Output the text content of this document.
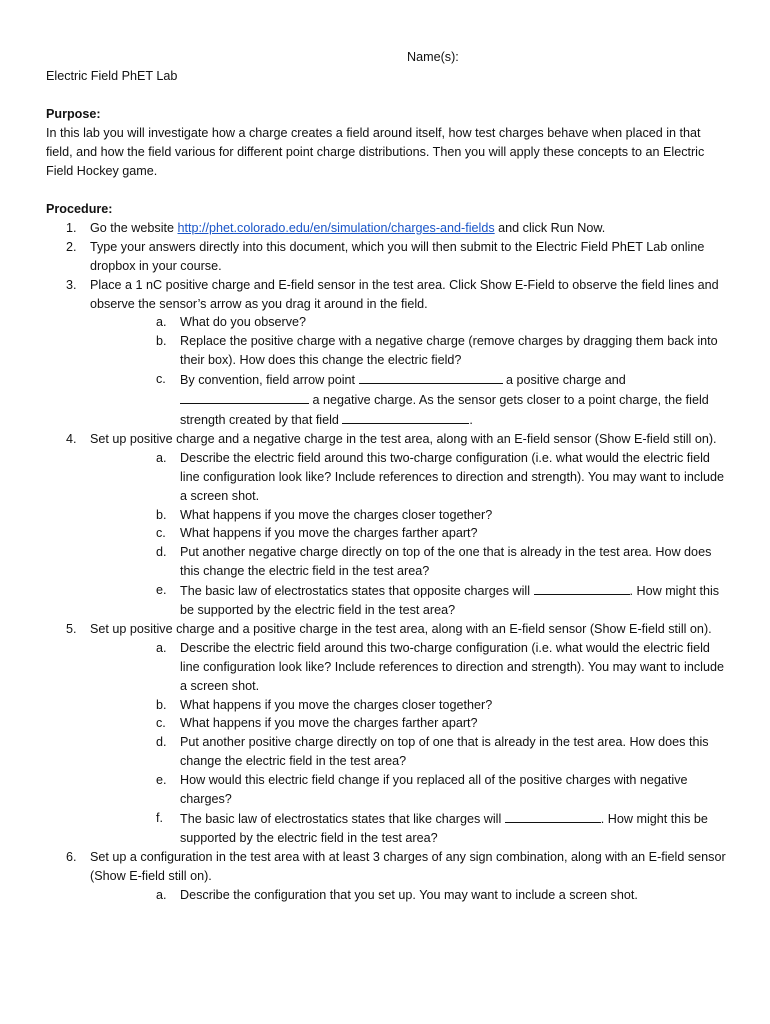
Name(s):
Electric Field PhET Lab
Purpose:

In this lab you will investigate how a charge creates a field around itself, how test charges behave when placed in that field, and how the field various for different point charge distributions. Then you will apply these concepts to an Electric Field Hockey game.

Procedure:
1. Go the website http://phet.colorado.edu/en/simulation/charges-and-fields and click Run Now.
2. Type your answers directly into this document, which you will then submit to the Electric Field PhET Lab online dropbox in your course.
3. Place a 1 nC positive charge and E-field sensor in the test area. Click Show E-Field to observe the field lines and observe the sensor’s arrow as you drag it around in the field.
a. What do you observe?
b. Replace the positive charge with a negative charge (remove charges by dragging them back into their box). How does this change the electric field?
c. By convention, field arrow point	a positive charge and  a negative charge. As the sensor gets closer to a point charge, the field strength created by that field	.
4. Set up positive charge and a negative charge in the test area, along with an E-field sensor (Show E-field still on).
a. Describe the electric field around this two-charge configuration (i.e. what would the electric field line configuration look like? Include references to direction and strength). You may want to include a screen shot.
b. What happens if you move the charges closer together?
c. What happens if you move the charges farther apart?
d. Put another negative charge directly on top of the one that is already in the test area. How does this change the electric field in the test area?
e. The basic law of electrostatics states that opposite charges will	. How might this be supported by the electric field in the test area?
5. Set up positive charge and a positive charge in the test area, along with an E-field sensor (Show E-field still on).
a. Describe the electric field around this two-charge configuration (i.e. what would the electric field line configuration look like? Include references to direction and strength). You may want to include a screen shot.
b. What happens if you move the charges closer together?
c. What happens if you move the charges farther apart?
d. Put another positive charge directly on top of one that is already in the test area. How does this change the electric field in the test area?
e. How would this electric field change if you replaced all of the positive charges with negative charges?
f. The basic law of electrostatics states that like charges will	. How might this be supported by the electric field in the test area?
6. Set up a configuration in the test area with at least 3 charges of any sign combination, along with an E-field sensor (Show E-field still on).
a. Describe the configuration that you set up. You may want to include a screen shot.
